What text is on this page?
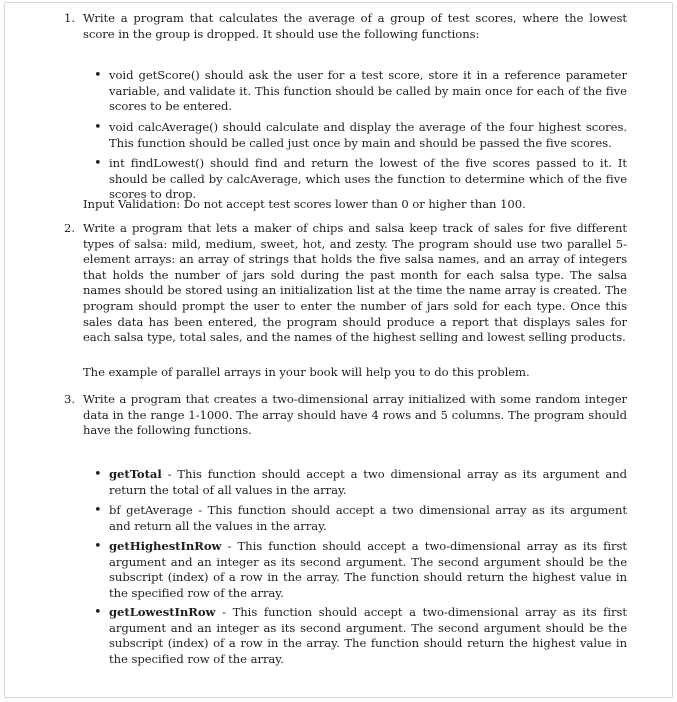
1. Write a program that calculates the average of a group of test scores, where the lowest score in the group is dropped. It should use the following functions:

• void getScore() should ask the user for a test score, store it in a reference parameter variable, and validate it. This function should be called by main once for each of the five scores to be entered.

• void calcAverage() should calculate and display the average of the four highest scores. This function should be called just once by main and should be passed the five scores.

• int findLowest() should find and return the lowest of the five scores passed to it. It should be called by calcAverage, which uses the function to determine which of the five scores to drop.

Input Validation: Do not accept test scores lower than 0 or higher than 100.

2. Write a program that lets a maker of chips and salsa keep track of sales for five different types of salsa: mild, medium, sweet, hot, and zesty. The program should use two parallel 5-element arrays: an array of strings that holds the five salsa names, and an array of integers that holds the number of jars sold during the past month for each salsa type. The salsa names should be stored using an initialization list at the time the name array is created. The program should prompt the user to enter the number of jars sold for each type. Once this sales data has been entered, the program should produce a report that displays sales for each salsa type, total sales, and the names of the highest selling and lowest selling products.

The example of parallel arrays in your book will help you to do this problem.

3. Write a program that creates a two-dimensional array initialized with some random integer data in the range 1-1000. The array should have 4 rows and 5 columns. The program should have the following functions.

• getTotal - This function should accept a two dimensional array as its argument and return the total of all values in the array.

• bf getAverage - This function should accept a two dimensional array as its argument and return all the values in the array.

• getHighestInRow - This function should accept a two-dimensional array as its first argument and an integer as its second argument. The second argument should be the subscript (index) of a row in the array. The function should return the highest value in the specified row of the array.

• getLowestInRow - This function should accept a two-dimensional array as its first argument and an integer as its second argument. The second argument should be the subscript (index) of a row in the array. The function should return the highest value in the specified row of the array.
